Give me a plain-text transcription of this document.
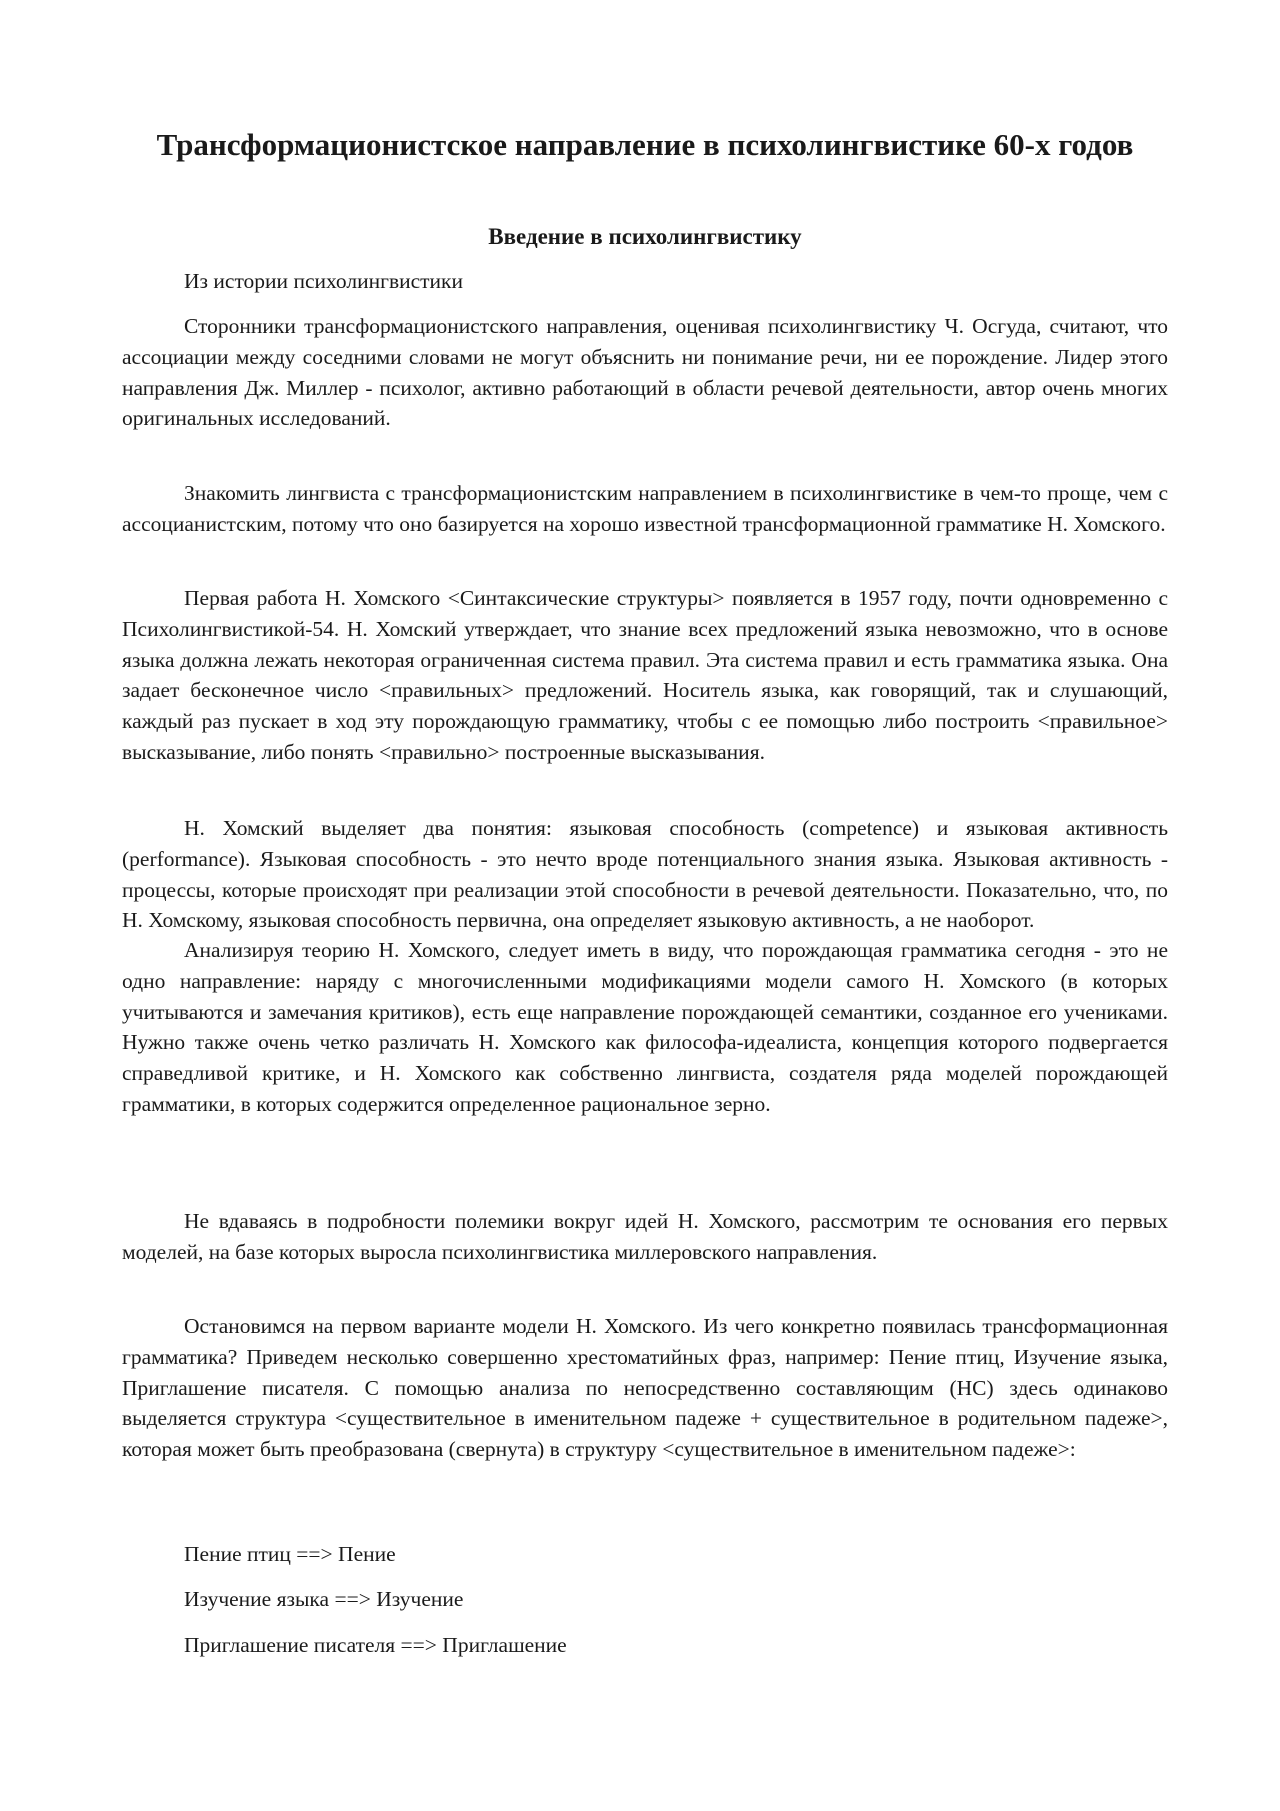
Трансформационистское направление в психолингвистике 60-х годов
Введение в психолингвистику

Из истории психолингвистики

Сторонники трансформационистского направления, оценивая психолингвистику Ч. Осгуда, считают, что ассоциации между соседними словами не могут объяснить ни понимание речи, ни ее порождение. Лидер этого направления Дж. Миллер - психолог, активно работающий в области речевой деятельности, автор очень многих оригинальных исследований.

Знакомить лингвиста с трансформационистским направлением в психолингвистике в чем-то проще, чем с ассоцианистским, потому что оно базируется на хорошо известной трансформационной грамматике Н. Хомского.

Первая работа Н. Хомского <Синтаксические структуры> появляется в 1957 году, почти одновременно с Психолингвистикой-54. Н. Хомский утверждает, что знание всех предложений языка невозможно, что в основе языка должна лежать некоторая ограниченная система правил. Эта система правил и есть грамматика языка. Она задает бесконечное число <правильных> предложений. Носитель языка, как говорящий, так и слушающий, каждый раз пускает в ход эту порождающую грамматику, чтобы с ее помощью либо построить <правильное> высказывание, либо понять <правильно> построенные высказывания.

Н. Хомский выделяет два понятия: языковая способность (competence) и языковая активность (performance). Языковая способность - это нечто вроде потенциального знания языка. Языковая активность - процессы, которые происходят при реализации этой способности в речевой деятельности. Показательно, что, по Н. Хомскому, языковая способность первична, она определяет языковую активность, а не наоборот.

Анализируя теорию Н. Хомского, следует иметь в виду, что порождающая грамматика сегодня - это не одно направление: наряду с многочисленными модификациями модели самого Н. Хомского (в которых учитываются и замечания критиков), есть еще направление порождающей семантики, созданное его учениками. Нужно также очень четко различать Н. Хомского как философа-идеалиста, концепция которого подвергается справедливой критике, и Н. Хомского как собственно лингвиста, создателя ряда моделей порождающей грамматики, в которых содержится определенное рациональное зерно.

Не вдаваясь в подробности полемики вокруг идей Н. Хомского, рассмотрим те основания его первых моделей, на базе которых выросла психолингвистика миллеровского направления.

Остановимся на первом варианте модели Н. Хомского. Из чего конкретно появилась трансформационная грамматика? Приведем несколько совершенно хрестоматийных фраз, например: Пение птиц, Изучение языка, Приглашение писателя. С помощью анализа по непосредственно составляющим (НС) здесь одинаково выделяется структура <существительное в именительном падеже + существительное в родительном падеже>, которая может быть преобразована (свернута) в структуру <существительное в именительном падеже>:

Пение птиц ==> Пение

Изучение языка ==> Изучение

Приглашение писателя ==> Приглашение
